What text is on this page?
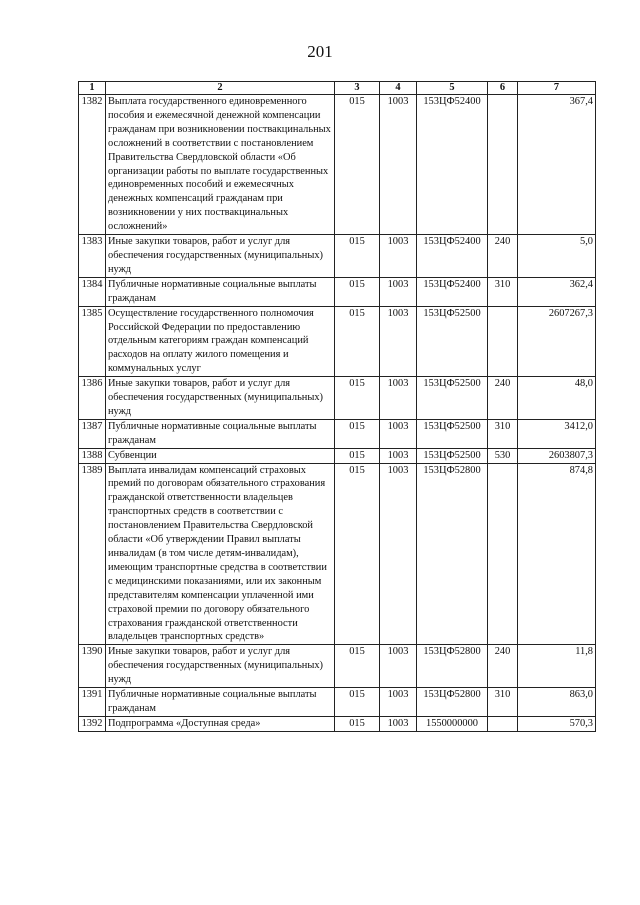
201
1	2	3	4	5	6	7
1382	Выплата государственного единовременного пособия и ежемесячной денежной компенсации гражданам при возникновении поствакцинальных осложнений в соответствии с постановлением Правительства Свердловской области «Об организации работы по выплате государственных единовременных пособий и ежемесячных денежных компенсаций гражданам при возникновении у них поствакцинальных осложнений»	015	1003	153ЦФ52400		367,4
1383	Иные закупки товаров, работ и услуг для обеспечения государственных (муниципальных) нужд	015	1003	153ЦФ52400	240	5,0
1384	Публичные нормативные социальные выплаты гражданам	015	1003	153ЦФ52400	310	362,4
1385	Осуществление государственного полномочия Российской Федерации по предоставлению отдельным категориям граждан компенсаций расходов на оплату жилого помещения и коммунальных услуг	015	1003	153ЦФ52500		2607267,3
1386	Иные закупки товаров, работ и услуг для обеспечения государственных (муниципальных) нужд	015	1003	153ЦФ52500	240	48,0
1387	Публичные нормативные социальные выплаты гражданам	015	1003	153ЦФ52500	310	3412,0
1388	Субвенции	015	1003	153ЦФ52500	530	2603807,3
1389	Выплата инвалидам компенсаций страховых премий по договорам обязательного страхования гражданской ответственности владельцев транспортных средств в соответствии с постановлением Правительства Свердловской области «Об утверждении Правил выплаты инвалидам (в том числе детям-инвалидам), имеющим транспортные средства в соответствии с медицинскими показаниями, или их законным представителям компенсации уплаченной ими страховой премии по договору обязательного страхования гражданской ответственности владельцев транспортных средств»	015	1003	153ЦФ52800		874,8
1390	Иные закупки товаров, работ и услуг для обеспечения государственных (муниципальных) нужд	015	1003	153ЦФ52800	240	11,8
1391	Публичные нормативные социальные выплаты гражданам	015	1003	153ЦФ52800	310	863,0
1392	Подпрограмма «Доступная среда»	015	1003	1550000000		570,3
